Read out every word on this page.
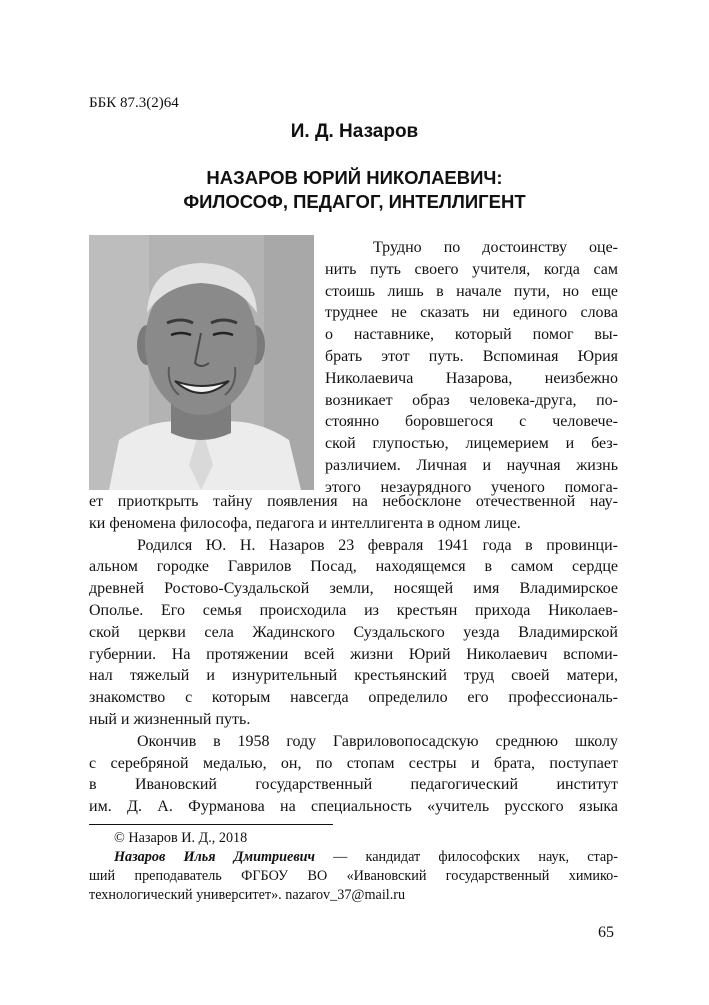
ББК 87.3(2)64
И. Д. Назаров
НАЗАРОВ ЮРИЙ НИКОЛАЕВИЧ:
ФИЛОСОФ, ПЕДАГОГ, ИНТЕЛЛИГЕНТ
Трудно по достоинству оце-
нить путь своего учителя, когда сам
стоишь лишь в начале пути, но еще
труднее не сказать ни единого слова
о наставнике, который помог вы-
брать этот путь. Вспоминая Юрия
Николаевича Назарова, неизбежно
возникает образ человека-друга, по-
стоянно боровшегося с человече-
ской глупостью, лицемерием и без-
различием. Личная и научная жизнь
этого незаурядного ученого помога-
ет приоткрыть тайну появления на небосклоне отечественной нау-
ки феномена философа, педагога и интеллигента в одном лице.
Родился Ю. Н. Назаров 23 февраля 1941 года в провинци-
альном городке Гаврилов Посад, находящемся в самом сердце
древней Ростово-Суздальской земли, носящей имя Владимирское
Ополье. Его семья происходила из крестьян прихода Николаев-
ской церкви села Жадинского Суздальского уезда Владимирской
губернии. На протяжении всей жизни Юрий Николаевич вспоми-
нал тяжелый и изнурительный крестьянский труд своей матери,
знакомство с которым навсегда определило его профессиональ-
ный и жизненный путь.
Окончив в 1958 году Гавриловопосадскую среднюю школу
с серебряной медалью, он, по стопам сестры и брата, поступает
в Ивановский государственный педагогический институт
им. Д. А. Фурманова на специальность «учитель русского языка
© Назаров И. Д., 2018
Назаров Илья Дмитриевич — кандидат философских наук, стар-
ший преподаватель ФГБОУ ВО «Ивановский государственный химико-
технологический университет». nazarov_37@mail.ru
65
